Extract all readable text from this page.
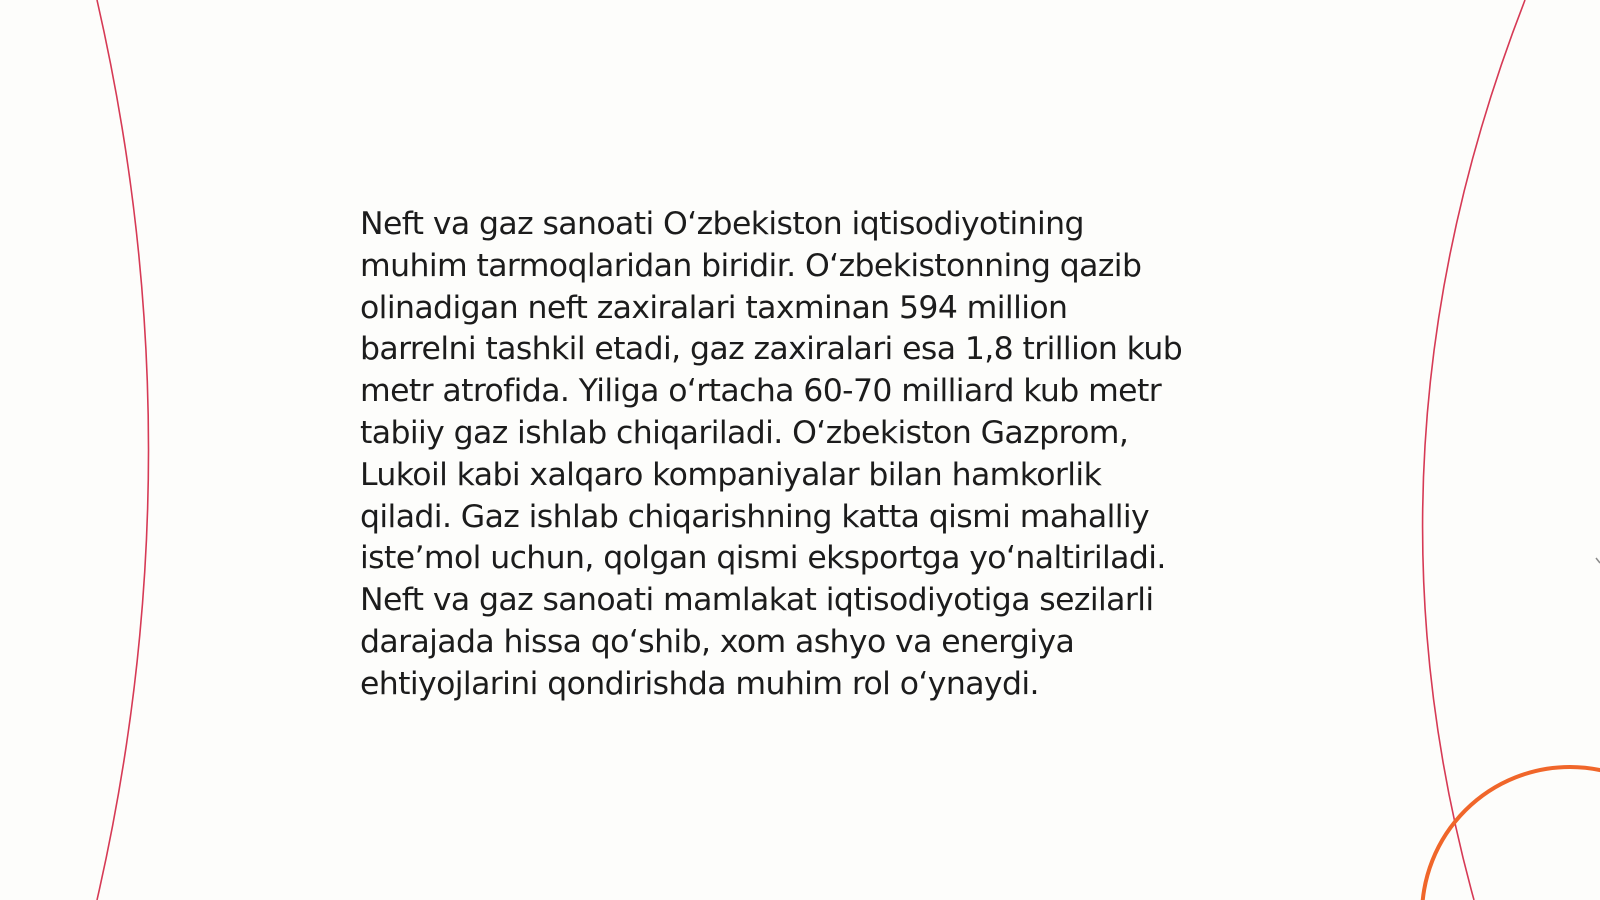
Neft va gaz sanoati O‘zbekiston iqtisodiyotining
muhim tarmoqlaridan biridir. O‘zbekistonning qazib
olinadigan neft zaxiralari taxminan 594 million
barrelni tashkil etadi, gaz zaxiralari esa 1,8 trillion kub
metr atrofida. Yiliga o‘rtacha 60-70 milliard kub metr
tabiiy gaz ishlab chiqariladi. O‘zbekiston Gazprom,
Lukoil kabi xalqaro kompaniyalar bilan hamkorlik
qiladi. Gaz ishlab chiqarishning katta qismi mahalliy
iste’mol uchun, qolgan qismi eksportga yo‘naltiriladi.
Neft va gaz sanoati mamlakat iqtisodiyotiga sezilarli
darajada hissa qo‘shib, xom ashyo va energiya
ehtiyojlarini qondirishda muhim rol o‘ynaydi.
